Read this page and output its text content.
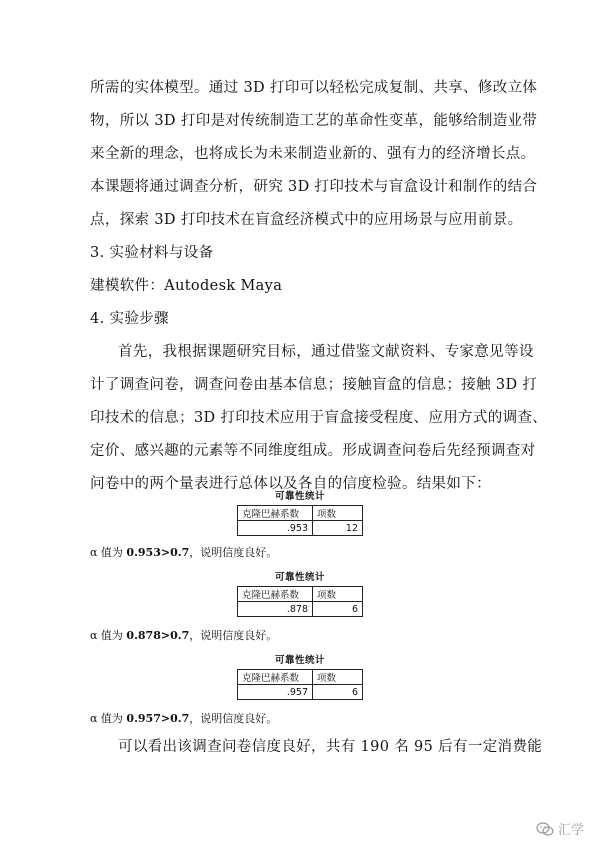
所需的实体模型。通过 3D 打印可以轻松完成复制、共享、修改立体
物，所以 3D 打印是对传统制造工艺的革命性变革，能够给制造业带
来全新的理念，也将成长为未来制造业新的、强有力的经济增长点。
本课题将通过调查分析，研究 3D 打印技术与盲盒设计和制作的结合
点，探索 3D 打印技术在盲盒经济模式中的应用场景与应用前景。
3. 实验材料与设备
建模软件：Autodesk Maya
4. 实验步骤
首先，我根据课题研究目标，通过借鉴文献资料、专家意见等设
计了调查问卷，调查问卷由基本信息；接触盲盒的信息；接触 3D 打
印技术的信息；3D 打印技术应用于盲盒接受程度、应用方式的调查、
定价、感兴趣的元素等不同维度组成。形成调查问卷后先经预调查对
问卷中的两个量表进行总体以及各自的信度检验。结果如下：
可靠性统计
克隆巴赫系数	项数
.953	12
α 值为 0.953>0.7，说明信度良好。
可靠性统计
克隆巴赫系数	项数
.878	6
α 值为 0.878>0.7，说明信度良好。
可靠性统计
克隆巴赫系数	项数
.957	6
α 值为 0.957>0.7，说明信度良好。
可以看出该调查问卷信度良好，共有 190 名 95 后有一定消费能
汇学
